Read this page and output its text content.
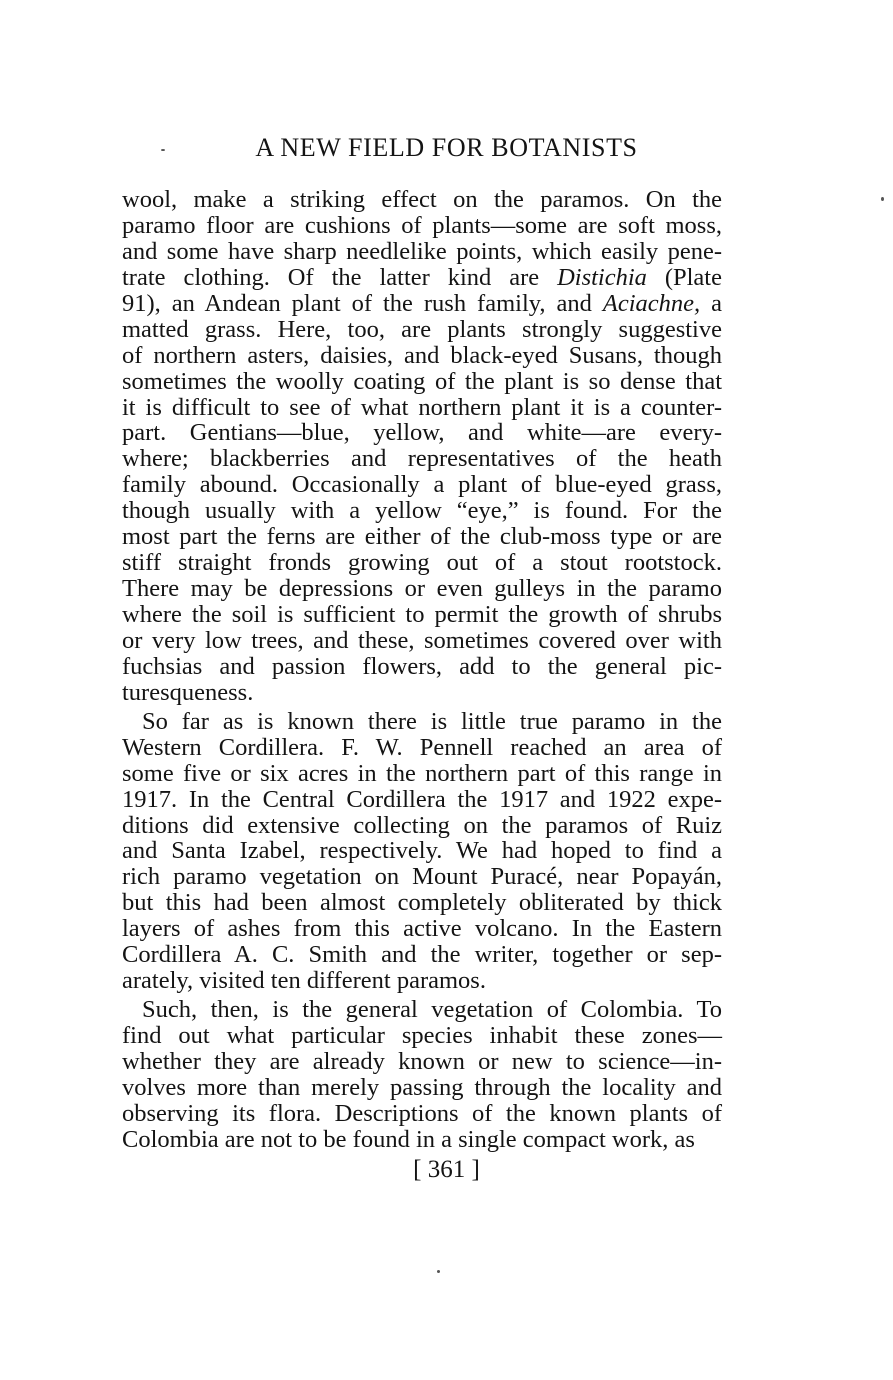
A NEW FIELD FOR BOTANISTS
wool, make a striking effect on the paramos. On the
paramo floor are cushions of plants—some are soft moss,
and some have sharp needlelike points, which easily pene-
trate clothing. Of the latter kind are Distichia (Plate
91), an Andean plant of the rush family, and Aciachne, a
matted grass. Here, too, are plants strongly suggestive
of northern asters, daisies, and black-eyed Susans, though
sometimes the woolly coating of the plant is so dense that
it is difficult to see of what northern plant it is a counter-
part. Gentians—blue, yellow, and white—are every-
where; blackberries and representatives of the heath
family abound. Occasionally a plant of blue-eyed grass,
though usually with a yellow “eye,” is found. For the
most part the ferns are either of the club-moss type or are
stiff straight fronds growing out of a stout rootstock.
There may be depressions or even gulleys in the paramo
where the soil is sufficient to permit the growth of shrubs
or very low trees, and these, sometimes covered over with
fuchsias and passion flowers, add to the general pic-
turesqueness.
So far as is known there is little true paramo in the
Western Cordillera. F. W. Pennell reached an area of
some five or six acres in the northern part of this range in
1917. In the Central Cordillera the 1917 and 1922 expe-
ditions did extensive collecting on the paramos of Ruiz
and Santa Izabel, respectively. We had hoped to find a
rich paramo vegetation on Mount Puracé, near Popayán,
but this had been almost completely obliterated by thick
layers of ashes from this active volcano. In the Eastern
Cordillera A. C. Smith and the writer, together or sep-
arately, visited ten different paramos.
Such, then, is the general vegetation of Colombia. To
find out what particular species inhabit these zones—
whether they are already known or new to science—in-
volves more than merely passing through the locality and
observing its flora. Descriptions of the known plants of
Colombia are not to be found in a single compact work, as
[ 361 ]
